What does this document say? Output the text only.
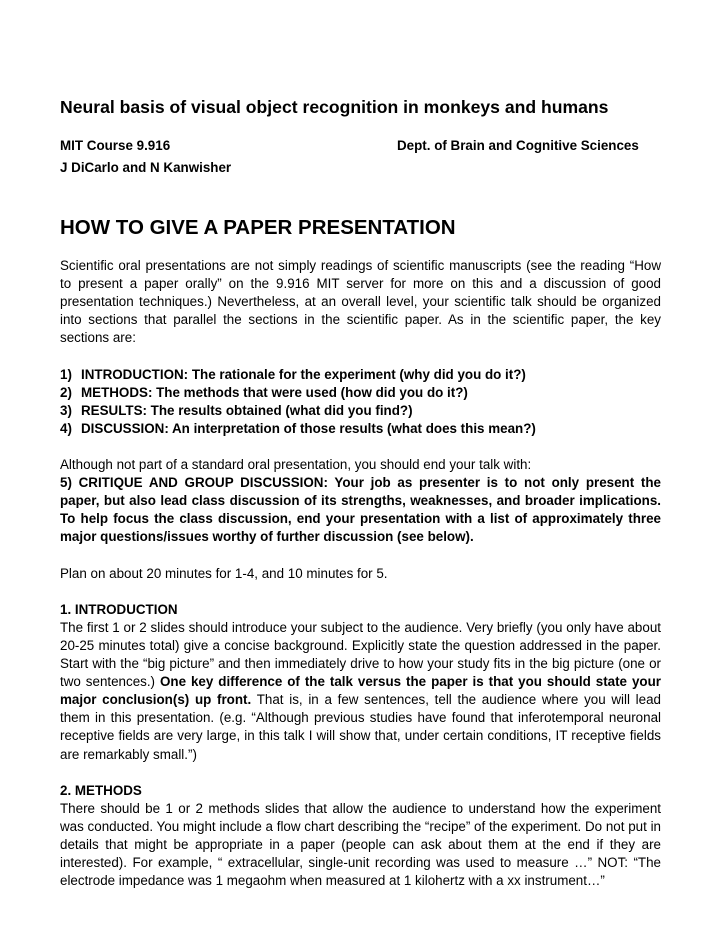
Neural basis of visual object recognition in monkeys and humans
MIT Course 9.916	Dept. of Brain and Cognitive Sciences
J DiCarlo and N Kanwisher
HOW TO GIVE A PAPER PRESENTATION

Scientific oral presentations are not simply readings of scientific manuscripts (see the reading “How to present a paper orally” on the 9.916 MIT server for more on this and a discussion of good presentation techniques.) Nevertheless, at an overall level, your scientific talk should be organized into sections that parallel the sections in the scientific paper. As in the scientific paper, the key sections are:

1) INTRODUCTION: The rationale for the experiment (why did you do it?)
2) METHODS: The methods that were used (how did you do it?)
3) RESULTS: The results obtained (what did you find?)
4) DISCUSSION: An interpretation of those results (what does this mean?)

Although not part of a standard oral presentation, you should end your talk with:
5) CRITIQUE AND GROUP DISCUSSION: Your job as presenter is to not only present the paper, but also lead class discussion of its strengths, weaknesses, and broader implications. To help focus the class discussion, end your presentation with a list of approximately three major questions/issues worthy of further discussion (see below).

Plan on about 20 minutes for 1-4, and 10 minutes for 5.

1. INTRODUCTION
The first 1 or 2 slides should introduce your subject to the audience. Very briefly (you only have about 20-25 minutes total) give a concise background. Explicitly state the question addressed in the paper. Start with the “big picture” and then immediately drive to how your study fits in the big picture (one or two sentences.) One key difference of the talk versus the paper is that you should state your major conclusion(s) up front. That is, in a few sentences, tell the audience where you will lead them in this presentation. (e.g. “Although previous studies have found that inferotemporal neuronal receptive fields are very large, in this talk I will show that, under certain conditions, IT receptive fields are remarkably small.”)

2. METHODS
There should be 1 or 2 methods slides that allow the audience to understand how the experiment was conducted. You might include a flow chart describing the “recipe” of the experiment. Do not put in details that might be appropriate in a paper (people can ask about them at the end if they are interested). For example, “ extracellular, single-unit recording was used to measure …” NOT: “The electrode impedance was 1 megaohm when measured at 1 kilohertz with a xx instrument…”
